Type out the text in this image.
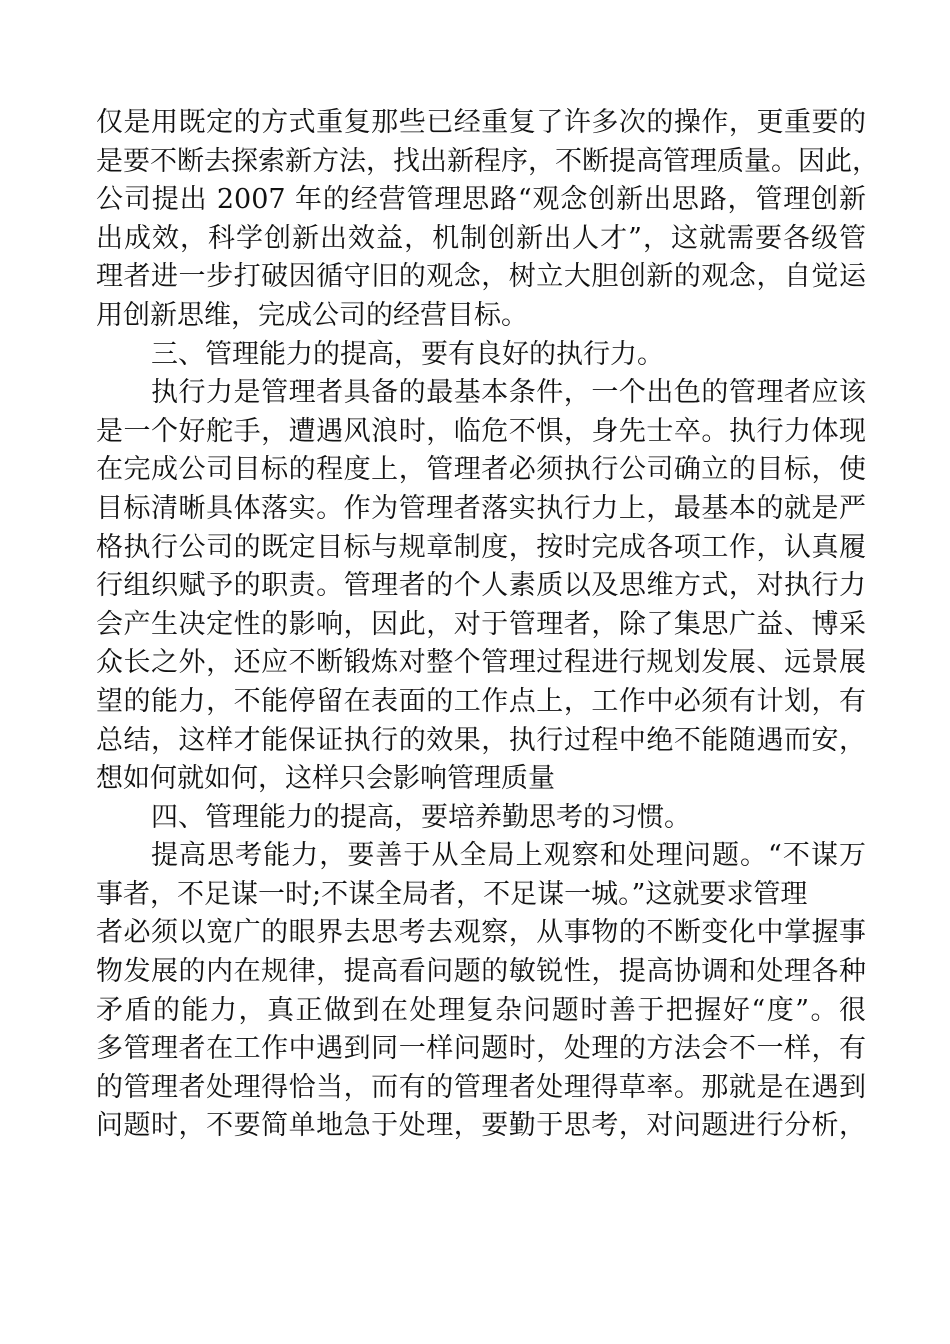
仅是用既定的方式重复那些已经重复了许多次的操作，更重要的
是要不断去探索新方法，找出新程序，不断提高管理质量。因此，
公司提出 2007 年的经营管理思路“观念创新出思路，管理创新
出成效，科学创新出效益，机制创新出人才”，这就需要各级管
理者进一步打破因循守旧的观念，树立大胆创新的观念，自觉运
用创新思维，完成公司的经营目标。
三、管理能力的提高，要有良好的执行力。
执行力是管理者具备的最基本条件，一个出色的管理者应该
是一个好舵手，遭遇风浪时，临危不惧，身先士卒。执行力体现
在完成公司目标的程度上，管理者必须执行公司确立的目标，使
目标清晰具体落实。作为管理者落实执行力上，最基本的就是严
格执行公司的既定目标与规章制度，按时完成各项工作，认真履
行组织赋予的职责。管理者的个人素质以及思维方式，对执行力
会产生决定性的影响，因此，对于管理者，除了集思广益、博采
众长之外，还应不断锻炼对整个管理过程进行规划发展、远景展
望的能力，不能停留在表面的工作点上，工作中必须有计划，有
总结，这样才能保证执行的效果，执行过程中绝不能随遇而安，
想如何就如何，这样只会影响管理质量
四、管理能力的提高，要培养勤思考的习惯。
提高思考能力，要善于从全局上观察和处理问题。“不谋万
事者，不足谋一时;不谋全局者，不足谋一城。”这就要求管理
者必须以宽广的眼界去思考去观察，从事物的不断变化中掌握事
物发展的内在规律，提高看问题的敏锐性，提高协调和处理各种
矛盾的能力，真正做到在处理复杂问题时善于把握好“度”。很
多管理者在工作中遇到同一样问题时，处理的方法会不一样，有
的管理者处理得恰当，而有的管理者处理得草率。那就是在遇到
问题时，不要简单地急于处理，要勤于思考，对问题进行分析，
